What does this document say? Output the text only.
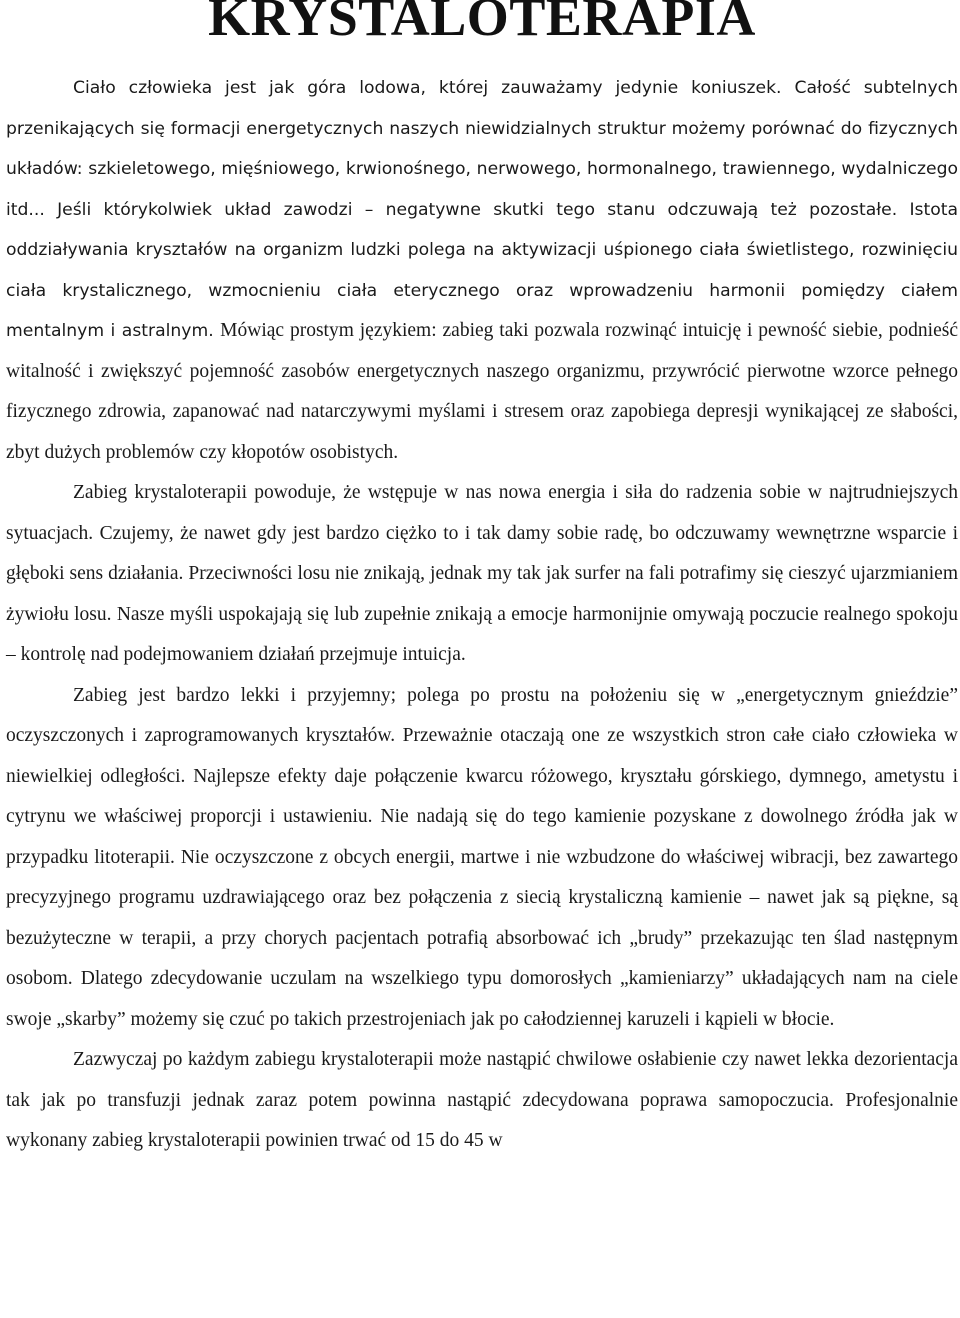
KRYSTALOTERAPIA

Ciało człowieka jest jak góra lodowa, której zauważamy jedynie koniuszek. Całość subtelnych przenikających się formacji energetycznych naszych niewidzialnych struktur możemy porównać do fizycznych układów: szkieletowego, mięśniowego, krwionośnego, nerwowego, hormonalnego, trawiennego, wydalniczego itd... Jeśli którykolwiek układ zawodzi – negatywne skutki tego stanu odczuwają też pozostałe. Istota oddziaływania kryształów na organizm ludzki polega na aktywizacji uśpionego ciała świetlistego, rozwinięciu ciała krystalicznego, wzmocnieniu ciała eterycznego oraz wprowadzeniu harmonii pomiędzy ciałem mentalnym i astralnym. Mówiąc prostym językiem: zabieg taki pozwala rozwinąć intuicję i pewność siebie, podnieść witalność i zwiększyć pojemność zasobów energetycznych naszego organizmu, przywrócić pierwotne wzorce pełnego fizycznego zdrowia, zapanować nad natarczywymi myślami i stresem oraz zapobiega depresji wynikającej ze słabości, zbyt dużych problemów czy kłopotów osobistych.

Zabieg krystaloterapii powoduje, że wstępuje w nas nowa energia i siła do radzenia sobie w najtrudniejszych sytuacjach. Czujemy, że nawet gdy jest bardzo ciężko to i tak damy sobie radę, bo odczuwamy wewnętrzne wsparcie i głęboki sens działania. Przeciwności losu nie znikają, jednak my tak jak surfer na fali potrafimy się cieszyć ujarzmianiem żywiołu losu. Nasze myśli uspokajają się lub zupełnie znikają a emocje harmonijnie omywają poczucie realnego spokoju – kontrolę nad podejmowaniem działań przejmuje intuicja.

Zabieg jest bardzo lekki i przyjemny; polega po prostu na położeniu się w „energetycznym gnieździe” oczyszczonych i zaprogramowanych kryształów. Przeważnie otaczają one ze wszystkich stron całe ciało człowieka w niewielkiej odległości. Najlepsze efekty daje połączenie kwarcu różowego, kryształu górskiego, dymnego, ametystu i cytrynu we właściwej proporcji i ustawieniu. Nie nadają się do tego kamienie pozyskane z dowolnego źródła jak w przypadku litoterapii. Nie oczyszczone z obcych energii, martwe i nie wzbudzone do właściwej wibracji, bez zawartego precyzyjnego programu uzdrawiającego oraz bez połączenia z siecią krystaliczną kamienie – nawet jak są piękne, są bezużyteczne w terapii, a przy chorych pacjentach potrafią absorbować ich „brudy” przekazując ten ślad następnym osobom. Dlatego zdecydowanie uczulam na wszelkiego typu domorosłych „kamieniarzy” układających nam na ciele swoje „skarby” możemy się czuć po takich przestrojeniach jak po całodziennej karuzeli i kąpieli w błocie.

Zazwyczaj po każdym zabiegu krystaloterapii może nastąpić chwilowe osłabienie czy nawet lekka dezorientacja tak jak po transfuzji jednak zaraz potem powinna nastąpić zdecydowana poprawa samopoczucia. Profesjonalnie wykonany zabieg krystaloterapii powinien trwać od 15 do 45 w
